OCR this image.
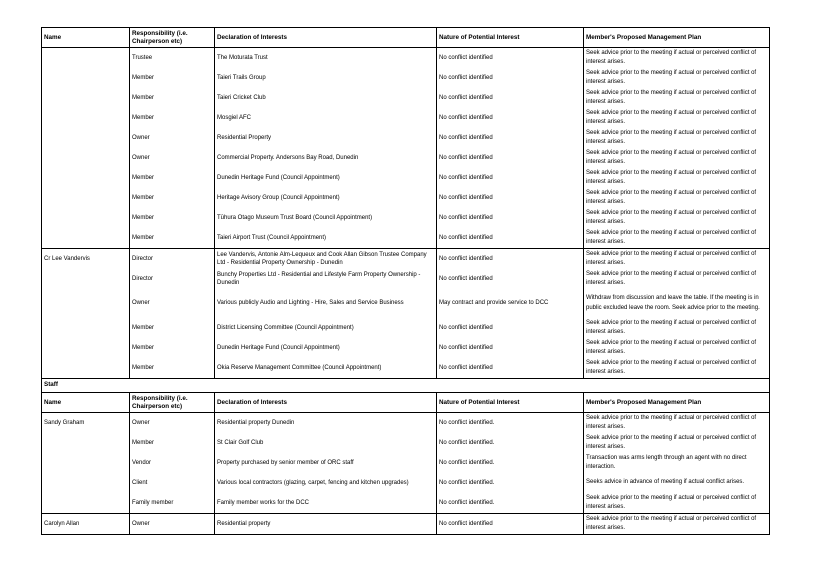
Name	Responsibility (i.e. Chairperson etc)	Declaration of Interests	Nature of Potential Interest	Member's Proposed Management Plan
	Trustee	The Moturata Trust	No conflict identified	Seek advice prior to the meeting if actual or perceived conflict of interest arises.
	Member	Taieri Trails Group	No conflict identified	Seek advice prior to the meeting if actual or perceived conflict of interest arises.
	Member	Taieri Cricket Club	No conflict identified	Seek advice prior to the meeting if actual or perceived conflict of interest arises.
	Member	Mosgiel AFC	No conflict identified	Seek advice prior to the meeting if actual or perceived conflict of interest arises.
	Owner	Residential Property	No conflict identified	Seek advice prior to the meeting if actual or perceived conflict of interest arises.
	Owner	Commercial Property. Andersons Bay Road, Dunedin	No conflict identified	Seek advice prior to the meeting if actual or perceived conflict of interest arises.
	Member	Dunedin Heritage Fund (Council Appointment)	No conflict identified	Seek advice prior to the meeting if actual or perceived conflict of interest arises.
	Member	Heritage Avisory Group (Council Appointment)	No conflict identified	Seek advice prior to the meeting if actual or perceived conflict of interest arises.
	Member	Tūhura Otago Museum Trust Board (Council Appointment)	No conflict identified	Seek advice prior to the meeting if actual or perceived conflict of interest arises.
	Member	Taieri Airport Trust (Council Appointment)	No conflict identified	Seek advice prior to the meeting if actual or perceived conflict of interest arises.
Cr Lee Vandervis	Director	Lee Vandervis, Antonie Alm-Lequeux and Cook Allan Gibson Trustee Company Ltd - Residential Property Ownership - Dunedin	No conflict identified	Seek advice prior to the meeting if actual or perceived conflict of interest arises.
	Director	Bunchy Properties Ltd - Residential and Lifestyle Farm Property Ownership - Dunedin	No conflict identified	Seek advice prior to the meeting if actual or perceived conflict of interest arises.
	Owner	Various publicly Audio and Lighting - Hire, Sales and Service Business	May contract and provide service to DCC	Withdraw from discussion and leave the table. If the meeting is in public excluded leave the room. Seek advice prior to the meeting.
	Member	District Licensing Committee (Council Appointment)	No conflict identified	Seek advice prior to the meeting if actual or perceived conflict of interest arises.
	Member	Dunedin Heritage Fund (Council Appointment)	No conflict identified	Seek advice prior to the meeting if actual or perceived conflict of interest arises.
	Member	Okia Reserve Management Committee (Council Appointment)	No conflict identified	Seek advice prior to the meeting if actual or perceived conflict of interest arises.
Staff				
Name	Responsibility (i.e. Chairperson etc)	Declaration of Interests	Nature of Potential Interest	Member's Proposed Management Plan
Sandy Graham	Owner	Residential property Dunedin	No conflict identified.	Seek advice prior to the meeting if actual or perceived conflict of interest arises.
	Member	St Clair Golf Club	No conflict identified.	Seek advice prior to the meeting if actual or perceived conflict of interest arises.
	Vendor	Property purchased by senior member of ORC staff	No conflict identified.	Transaction was arms length through an agent with no direct interaction.
	Client	Various local contractors (glazing, carpet, fencing and kitchen upgrades)	No conflict identified.	Seeks advice in advance of meeting if actual conflict arises.
	Family member	Family member works for the DCC	No conflict identified.	Seek advice prior to the meeting if actual or perceived conflict of interest arises.
Carolyn Allan	Owner	Residential property	No conflict identified	Seek advice prior to the meeting if actual or perceived conflict of interest arises.
